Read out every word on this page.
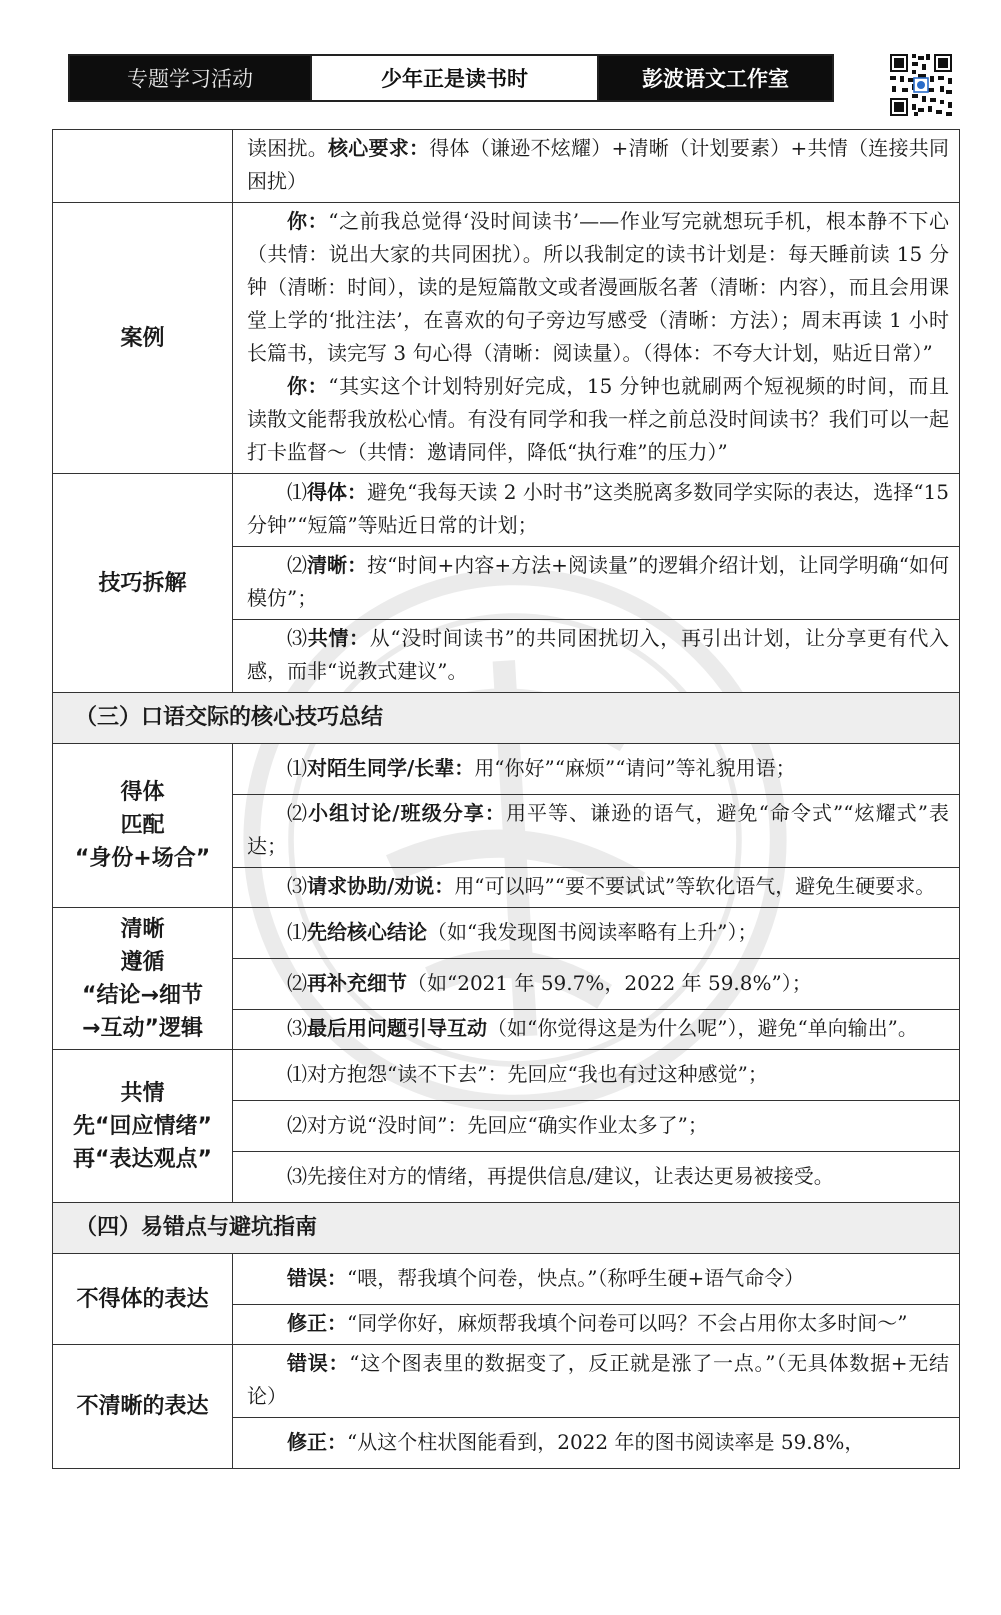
专题学习活动	少年正是读书时	彭波语文工作室
	读困扰。核心要求：得体（谦逊不炫耀）+清晰（计划要素）+共情（连接共同困扰）
案例	你：“之前我总觉得‘没时间读书’——作业写完就想玩手机，根本静不下心（共情：说出大家的共同困扰）。所以我制定的读书计划是：每天睡前读 15 分钟（清晰：时间），读的是短篇散文或者漫画版名著（清晰：内容），而且会用课堂上学的‘批注法’，在喜欢的句子旁边写感受（清晰：方法）；周末再读 1 小时长篇书，读完写 3 句心得（清晰：阅读量）。（得体：不夸大计划，贴近日常）”
你：“其实这个计划特别好完成，15 分钟也就刷两个短视频的时间，而且读散文能帮我放松心情。有没有同学和我一样之前总没时间读书？我们可以一起打卡监督～（共情：邀请同伴，降低“执行难”的压力）”

技巧拆解	⑴得体：避免“我每天读 2 小时书”这类脱离多数同学实际的表达，选择“15 分钟”“短篇”等贴近日常的计划；

	⑵清晰：按“时间+内容+方法+阅读量”的逻辑介绍计划，让同学明确“如何模仿”；

	⑶共情：从“没时间读书”的共同困扰切入，再引出计划，让分享更有代入感，而非“说教式建议”。

（三）口语交际的核心技巧总结	

得体
匹配
“身份+场合”	⑴对陌生同学/长辈：用“你好”“麻烦”“请问”等礼貌用语；

	⑵小组讨论/班级分享：用平等、谦逊的语气，避免“命令式”“炫耀式”表达；

	⑶请求协助/劝说：用“可以吗”“要不要试试”等软化语气，避免生硬要求。

清晰
遵循
“结论→细节
→互动”逻辑	⑴先给核心结论（如“我发现图书阅读率略有上升”）；

	⑵再补充细节（如“2021 年 59.7%，2022 年 59.8%”）；

	⑶最后用问题引导互动（如“你觉得这是为什么呢”），避免“单向输出”。

共情
先“回应情绪”
再“表达观点”	⑴对方抱怨“读不下去”：先回应“我也有过这种感觉”；

	⑵对方说“没时间”：先回应“确实作业太多了”；

	⑶先接住对方的情绪，再提供信息/建议，让表达更易被接受。

（四）易错点与避坑指南	
不得体的表达	错误：“喂，帮我填个问卷，快点。”（称呼生硬+语气命令）

	修正：“同学你好，麻烦帮我填个问卷可以吗？不会占用你太多时间～”

不清晰的表达	错误：“这个图表里的数据变了，反正就是涨了一点。”（无具体数据+无结论）

	修正：“从这个柱状图能看到，2022 年的图书阅读率是 59.8%，
